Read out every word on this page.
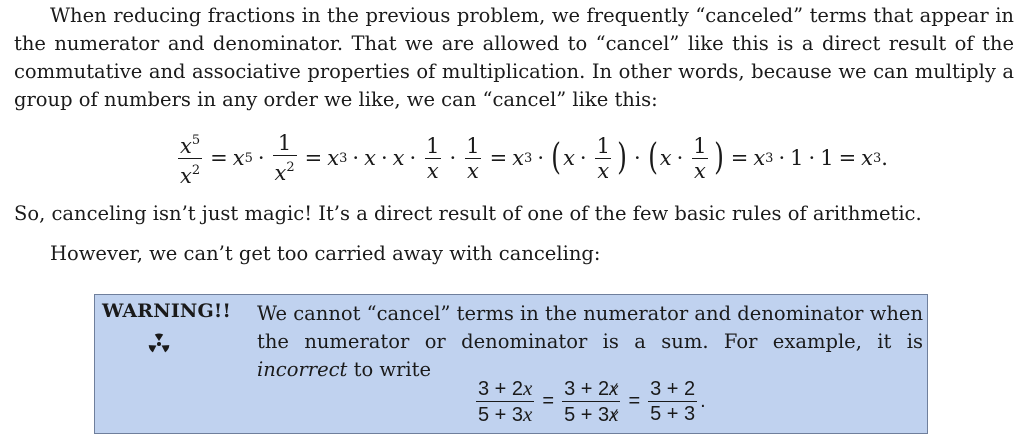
When reducing fractions in the previous problem, we frequently “canceled” terms that appear in the numerator and denominator. That we are allowed to “cancel” like this is a direct result of the commutative and associative properties of multiplication. In other words, because we can multiply a group of numbers in any order we like, we can “cancel” like this:

$\frac{x^5}{x^2} = x$ $5 \cdot \frac{1}{x^2} = x$ $3 \cdot x \cdot x \cdot \frac{1}{x} \cdot \frac{1}{x} = x$ 3 · ( $x \cdot \frac{1}{x}$ ) · ( $x \cdot \frac{1}{x}$ ) = x 3 · 1 · 1 = x 3 .

So, canceling isn’t just magic! It’s a direct result of one of the few basic rules of arithmetic.

However, we can’t get too carried away with canceling:

WARNING!! We cannot “cancel” terms in the numerator and denominator when the numerator or denominator is a sum. For example, it is incorrect to write

$\frac{3 + 2x}{5 + 3x} = \frac{3 + 2x}{5 + 3x} = \frac{3 + 2}{5 + 3}$ .
